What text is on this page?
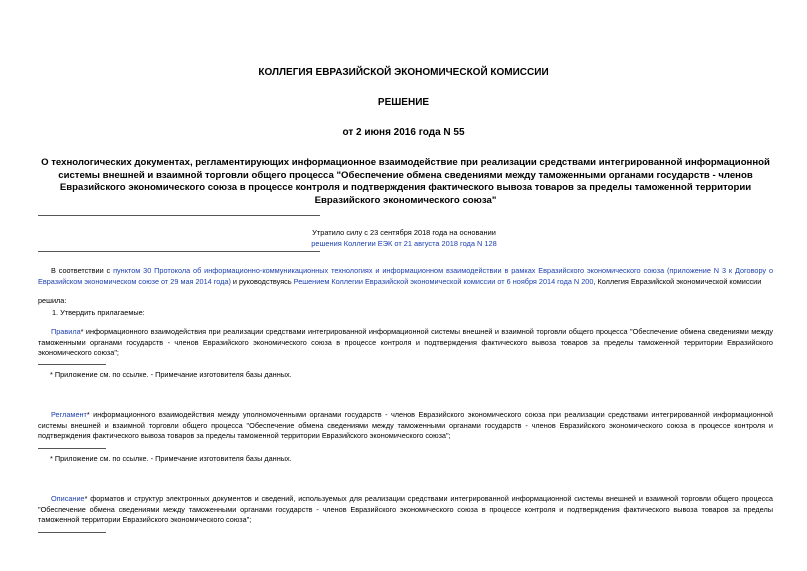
КОЛЛЕГИЯ ЕВРАЗИЙСКОЙ ЭКОНОМИЧЕСКОЙ КОМИССИИ
РЕШЕНИЕ
от 2 июня 2016 года N 55
О технологических документах, регламентирующих информационное взаимодействие при реализации средствами интегрированной информационной системы внешней и взаимной торговли общего процесса "Обеспечение обмена сведениями между таможенными органами государств - членов Евразийского экономического союза в процессе контроля и подтверждения фактического вывоза товаров за пределы таможенной территории Евразийского экономического союза"
Утратило силу с 23 сентября 2018 года на основании
решения Коллегии ЕЭК от 21 августа 2018 года N 128
В соответствии с пунктом 30 Протокола об информационно-коммуникационных технологиях и информационном взаимодействии в рамках Евразийского экономического союза (приложение N 3 к Договору о Евразийском экономическом союзе от 29 мая 2014 года) и руководствуясь Решением Коллегии Евразийской экономической комиссии от 6 ноября 2014 года N 200, Коллегия Евразийской экономической комиссии
решила:
1. Утвердить прилагаемые:
Правила* информационного взаимодействия при реализации средствами интегрированной информационной системы внешней и взаимной торговли общего процесса "Обеспечение обмена сведениями между таможенными органами государств - членов Евразийского экономического союза в процессе контроля и подтверждения фактического вывоза товаров за пределы таможенной территории Евразийского экономического союза";
* Приложение см. по ссылке. - Примечание изготовителя базы данных.
Регламент* информационного взаимодействия между уполномоченными органами государств - членов Евразийского экономического союза при реализации средствами интегрированной информационной системы внешней и взаимной торговли общего процесса "Обеспечение обмена сведениями между таможенными органами государств - членов Евразийского экономического союза в процессе контроля и подтверждения фактического вывоза товаров за пределы таможенной территории Евразийского экономического союза";
* Приложение см. по ссылке. - Примечание изготовителя базы данных.
Описание* форматов и структур электронных документов и сведений, используемых для реализации средствами интегрированной информационной системы внешней и взаимной торговли общего процесса "Обеспечение обмена сведениями между таможенными органами государств - членов Евразийского экономического союза в процессе контроля и подтверждения фактического вывоза товаров за пределы таможенной территории Евразийского экономического союза";
